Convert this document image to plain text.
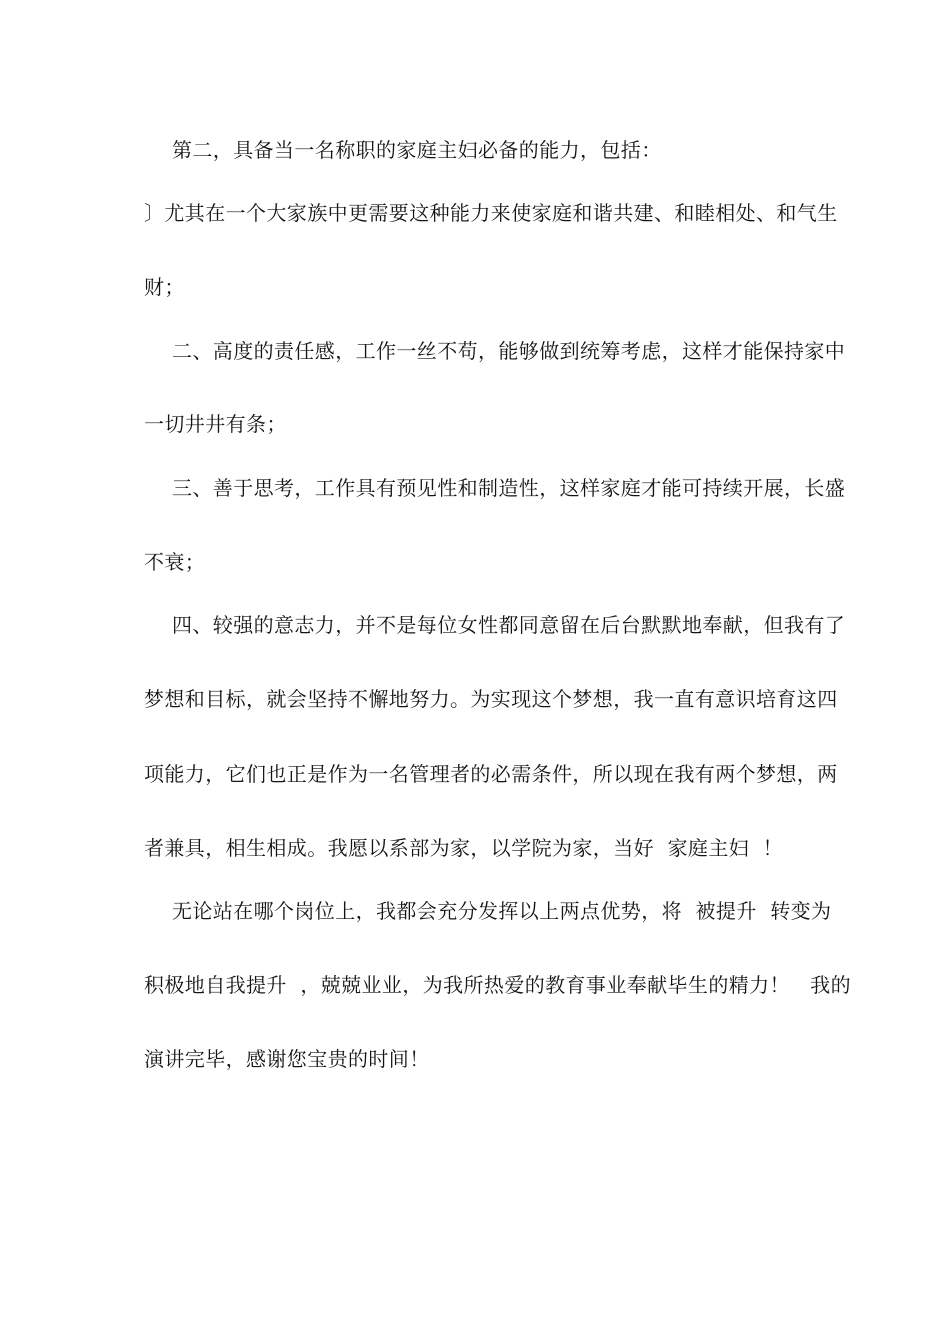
第二，具备当一名称职的家庭主妇必备的能力，包括：
〕尤其在一个大家族中更需要这种能力来使家庭和谐共建、和睦相处、和气生
财；
二、高度的责任感，工作一丝不苟，能够做到统筹考虑，这样才能保持家中
一切井井有条；
三、善于思考，工作具有预见性和制造性，这样家庭才能可持续开展，长盛
不衰；
四、较强的意志力，并不是每位女性都同意留在后台默默地奉献，但我有了
梦想和目标，就会坚持不懈地努力。为实现这个梦想，我一直有意识培育这四
项能力，它们也正是作为一名管理者的必需条件，所以现在我有两个梦想，两
者兼具，相生相成。我愿以系部为家，以学院为家，当好  家庭主妇  ！
无论站在哪个岗位上，我都会充分发挥以上两点优势，将  被提升  转变为
积极地自我提升  ，兢兢业业，为我所热爱的教育事业奉献毕生的精力！   我的
演讲完毕，感谢您宝贵的时间！
